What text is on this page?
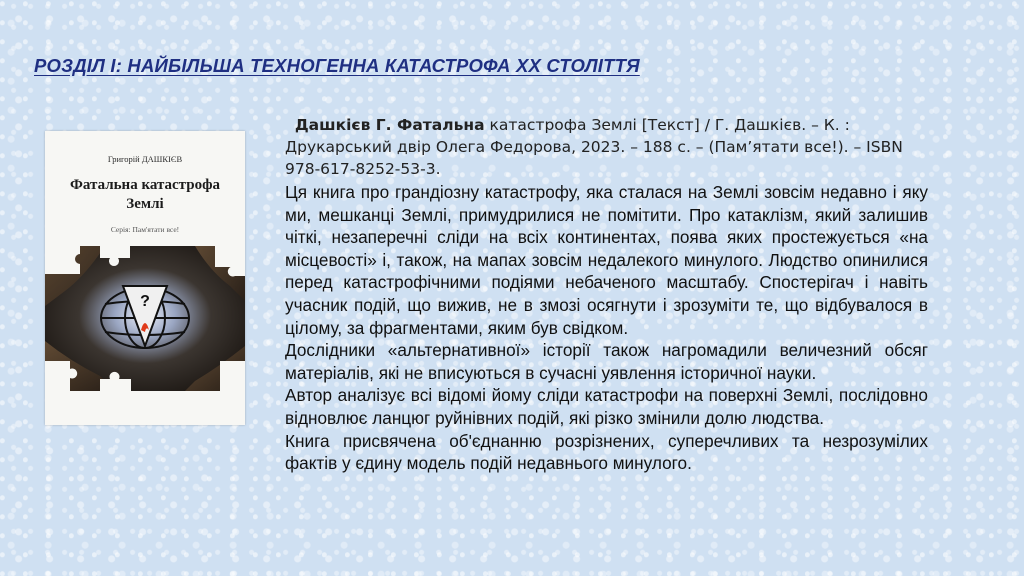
РОЗДІЛ І: НАЙБІЛЬША ТЕХНОГЕННА КАТАСТРОФА ХХ СТОЛІТТЯ
Григорій ДАШКІЄВ
Фатальна катастрофа
Землі
Серія: Пам'ятати все!
?
Дашкієв Г. Фатальна катастрофа Землі [Текст] / Г. Дашкієв. – К. : Друкарський двір Олега Федорова, 2023. – 188 с. – (Пам’ятати все!). – ISBN 978-617-8252-53-3.

Ця книга про грандіозну катастрофу, яка сталася на Землі зовсім недавно і яку ми, мешканці Землі, примудрилися не помітити. Про катаклізм, який залишив чіткі, незаперечні сліди на всіх континентах, поява яких простежується «на місцевості» і, також, на мапах зовсім недалекого минулого. Людство опинилися перед катастрофічними подіями небаченого масштабу. Спостерігач і навіть учасник подій, що вижив, не в змозі осягнути і зрозуміти те, що відбувалося в цілому, за фрагментами, яким був свідком.

Дослідники «альтернативної» історії також нагромадили величезний обсяг матеріалів, які не вписуються в сучасні уявлення історичної науки.

Автор аналізує всі відомі йому сліди катастрофи на поверхні Землі, послідовно відновлює ланцюг руйнівних подій, які різко змінили долю людства.

Книга присвячена об'єднанню розрізнених, суперечливих та незрозумілих фактів у єдину модель подій недавнього минулого.
